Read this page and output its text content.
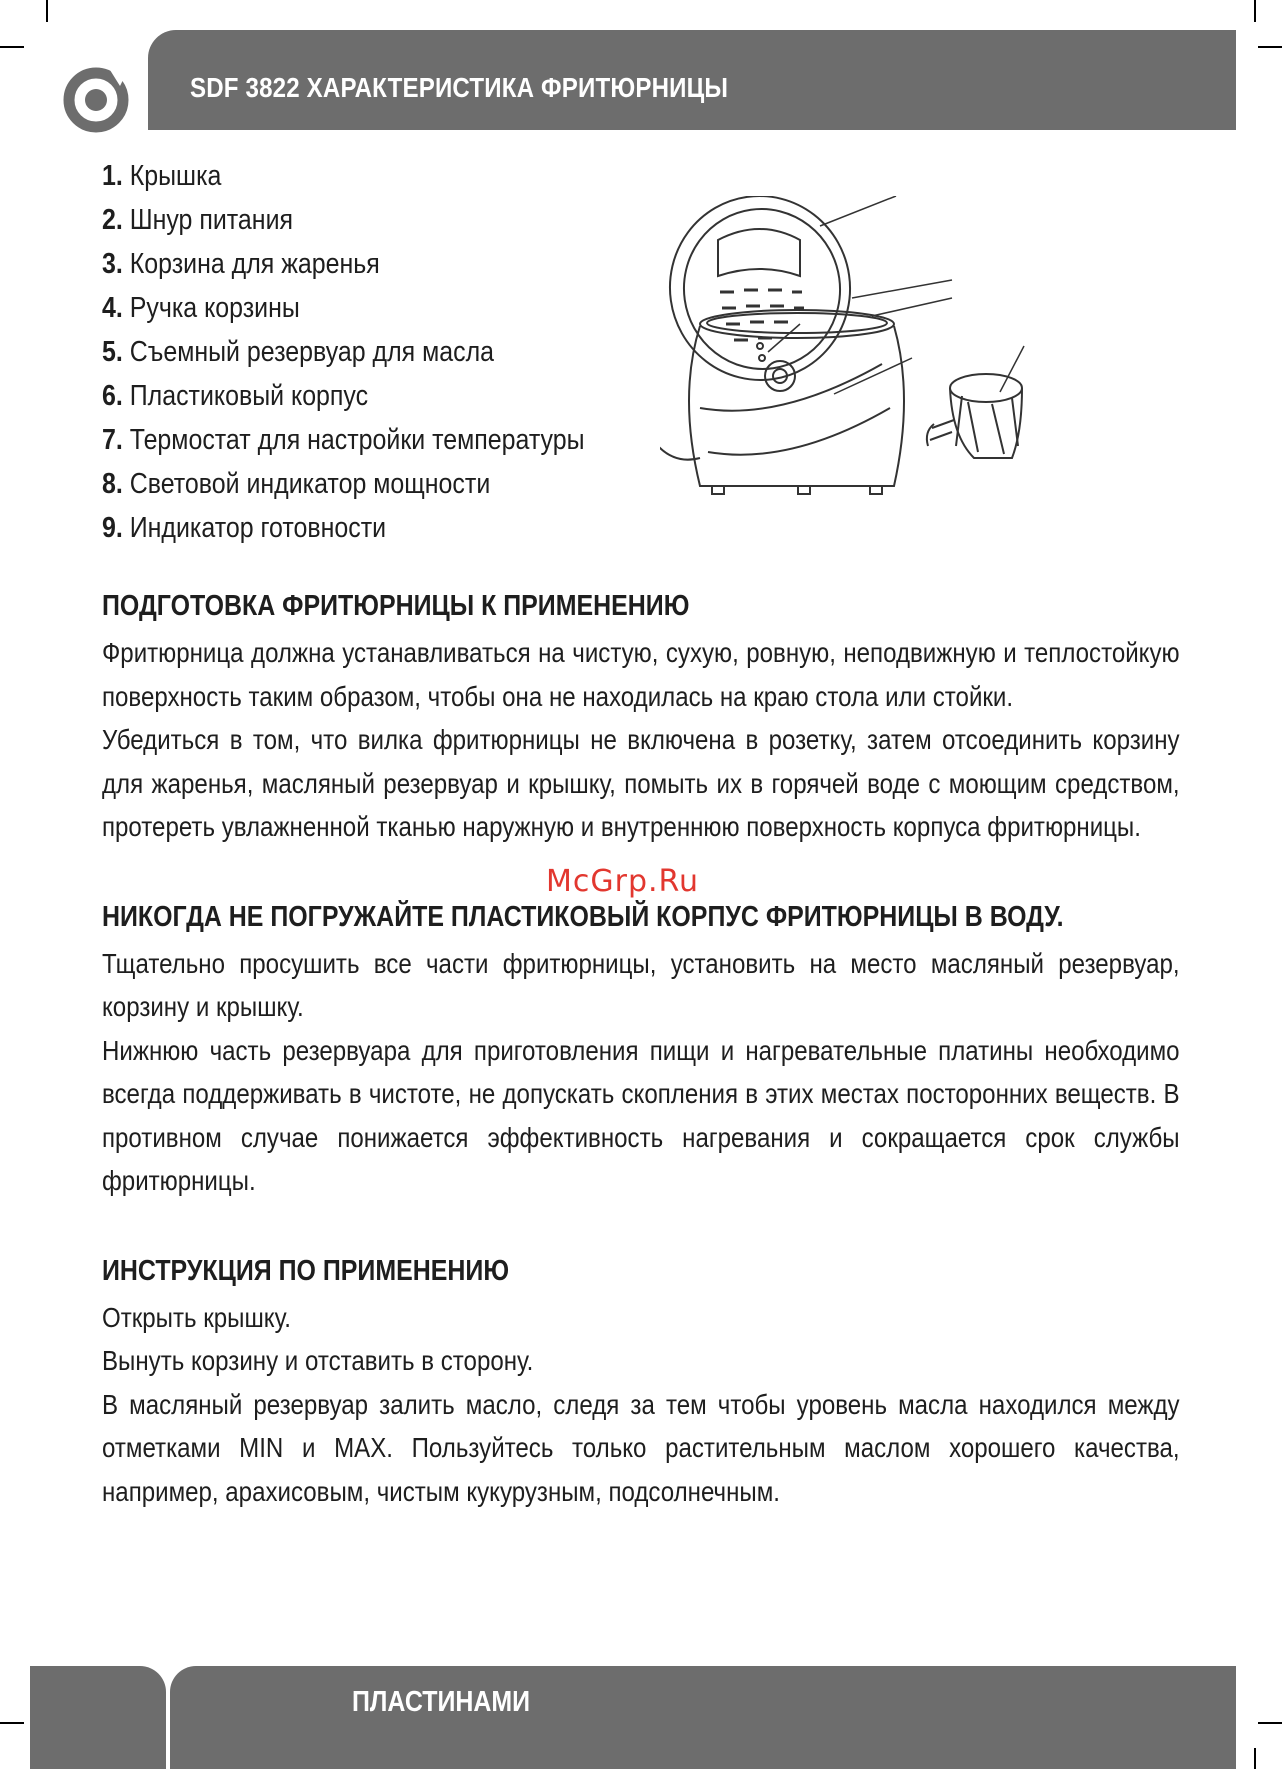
SDF 3822 ХАРАКТЕРИСТИКА ФРИТЮРНИЦЫ
1. Крышка
2. Шнур питания
3. Корзина для жаренья
4. Ручка корзины
5. Съемный резервуар для масла
6. Пластиковый корпус
7. Термостат для настройки температуры
8. Световой индикатор мощности
9. Индикатор готовности
ПОДГОТОВКА ФРИТЮРНИЦЫ К ПРИМЕНЕНИЮ

Фритюрница должна устанавливаться на чистую, сухую, ровную, неподвижную и теплостойкую поверхность таким образом, чтобы она не находилась на краю стола или стойки.

Убедиться в том, что вилка фритюрницы не включена в розетку, затем отсоединить корзину для жаренья, масляный резервуар и крышку, помыть их в горячей воде с моющим средством, протереть увлажненной тканью наружную и внутреннюю поверхность корпуса фритюрницы.

НИКОГДА НЕ ПОГРУЖАЙТЕ ПЛАСТИКОВЫЙ КОРПУС ФРИТЮРНИЦЫ В ВОДУ.

Тщательно просушить все части фритюрницы, установить на место масляный резервуар, корзину и крышку.

Нижнюю часть резервуара для приготовления пищи и нагревательные платины необходимо всегда поддерживать в чистоте, не допускать скопления в этих местах посторонних веществ. В противном случае понижается эффективность нагревания и сокращается срок службы фритюрницы.

ИНСТРУКЦИЯ ПО ПРИМЕНЕНИЮ

Открыть крышку.

Вынуть корзину и отставить в сторону.

В масляный резервуар залить масло, следя за тем чтобы уровень масла находился между отметками MIN и MAX. Пользуйтесь только растительным маслом хорошего качества, например, арахисовым, чистым кукурузным, подсолнечным.

McGrp.Ru

ПЛАСТИНАМИ
